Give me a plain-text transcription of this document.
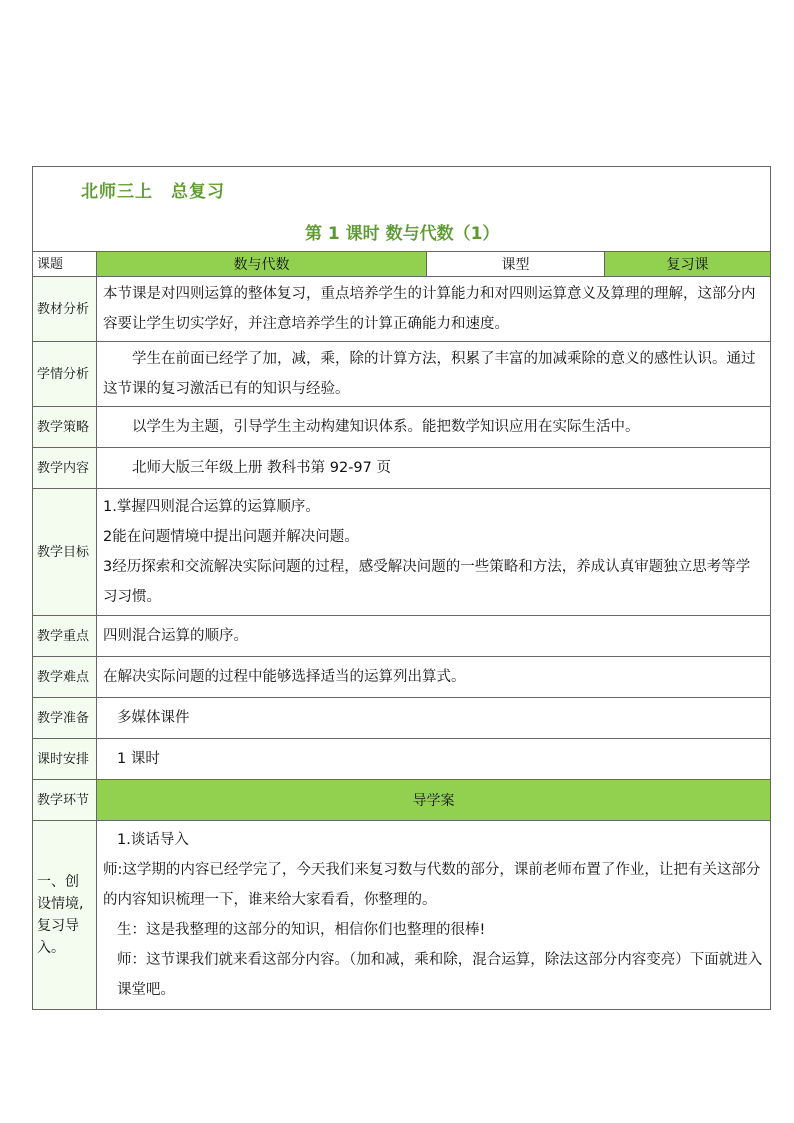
北师三上　总复习
第 1 课时 数与代数（1）			

课题	数与代数	课型	复习课
教材分析	本节课是对四则运算的整体复习，重点培养学生的计算能力和对四则运算意义及算理的理解，这部分内容要让学生切实学好，并注意培养学生的计算正确能力和速度。		
学情分析	学生在前面已经学了加，减，乘，除的计算方法，积累了丰富的加减乘除的意义的感性认识。通过这节课的复习激活已有的知识与经验。		
教学策略	以学生为主题，引导学生主动构建知识体系。能把数学知识应用在实际生活中。		
教学内容	北师大版三年级上册 教科书第 92-97 页		
教学目标	1.掌握四则混合运算的运算顺序。

2能在问题情境中提出问题并解决问题。

3经历探索和交流解决实际问题的过程，感受解决问题的一些策略和方法，养成认真审题独立思考等学习习惯。		

教学重点	四则混合运算的顺序。		
教学难点	在解决实际问题的过程中能够选择适当的运算列出算式。		
教学准备	多媒体课件		
课时安排	1 课时		
教学环节	导学案		
一、创设情境,复习导入。	1.谈话导入

师:这学期的内容已经学完了，今天我们来复习数与代数的部分，课前老师布置了作业，让把有关这部分的内容知识梳理一下，谁来给大家看看，你整理的。

生：这是我整理的这部分的知识，相信你们也整理的很棒!

师：这节课我们就来看这部分内容。（加和减，乘和除，混合运算，除法这部分内容变亮）下面就进入课堂吧。		
